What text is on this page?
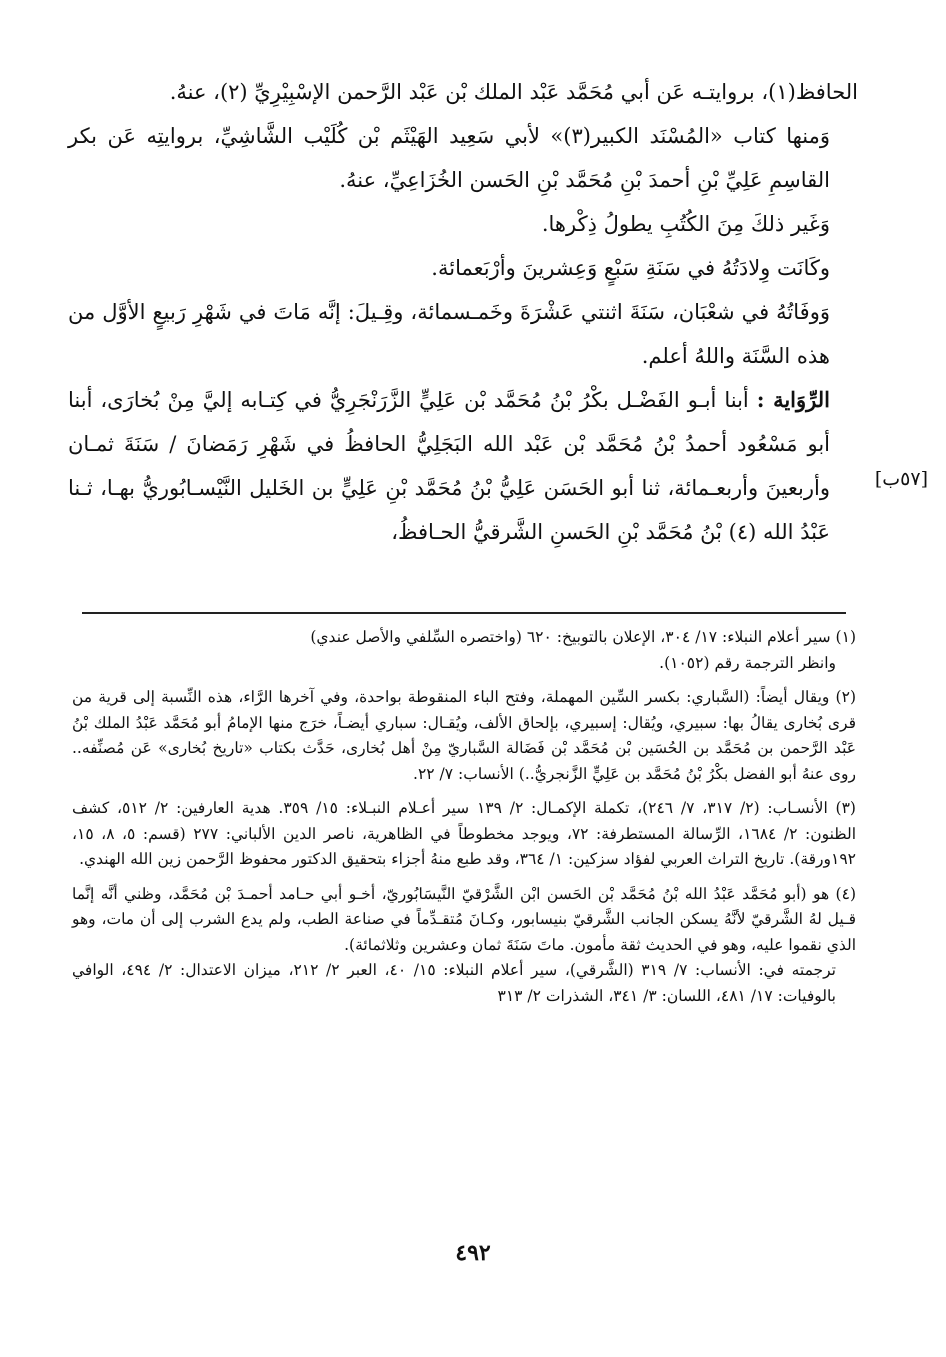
الحافظ(١)، بروايتـه عَن أبي مُحَمَّد عَبْد الملك بْن عَبْد الرَّحمن الإسْبِيْرِيِّ (٢)، عنهُ.

وَمنها كتاب «المُسْنَد الكبير(٣)» لأبي سَعِيد الهَيْثَم بْن كُلَيْب الشَّاشِيِّ، بروايتِه عَن بكر القاسِمِ عَلِيِّ بْنِ أحمدَ بْنِ مُحَمَّد بْنِ الحَسن الخُزَاعِيِّ، عنهُ.

وَغَير ذلكَ مِنَ الكُتُبِ يطولُ ذِكْرها.

وكَانَت وِلادَتُهُ في سَنَةِ سَبْعٍ وَعِشرينَ وأرْبَعمائة.

وَوفَاتُهُ في شعْبَان، سَنَةَ اثنتي عَشْرَةَ وخَمـسمائة، وقِـيلَ: إنَّه مَاتَ في شَهْرِ رَبيعٍ الأوَّل من هذه السَّنَة واللهُ أعلم.

الرِّوَاية : أبنا أبـو الفَضْـل بكْرُ بْنُ مُحَمَّد بْن عَلِيٍّ الزَّرَنْجَرِيُّ في كِتـابه إليَّ مِنْ بُخارَى، أبنا أبو مَسْعُود أحمدُ بْنُ مُحَمَّد بْن عَبْد الله البَجَلِيُّ الحافظُ في شَهْرِ رَمَضانَ / سَنَةَ ثمـان وأربعينَ وأربعـمائة، ثنا أبو الحَسَن عَلِيُّ بْنُ مُحَمَّد بْنِ عَلِيٍّ بن الخَليل النَّيْسـابُوريُّ بهـا، ثـنا عَبْدُ الله (٤) بْنُ مُحَمَّد بْنِ الحَسنِ الشَّرقيُّ الحـافظُ،

[٥٧ب]

(١) سير أعلام النبلاء: ١٧/ ٣٠٤، الإعلان بالتوبيخ: ٦٢٠ (واختصره السِّلفي والأصل عندي)

وانظر الترجمة رقم (١٠٥٢).

(٢) ويقال أيضاً: (السَّباري: بكسر السِّين المهملة، وفتح الباء المنقوطة بواحدة، وفي آخرها الرَّاء، هذه النِّسبة إلى قرية من قرى بُخارى يقالُ بها: سبيري، ويُقال: إسبيري، بإلحاق الألف، ويُقـال: سباري أيضـاً، خرَج منها الإمامُ أبو مُحَمَّد عَبْدُ الملك بْنُ عَبْد الرَّحمن بن مُحَمَّد بن الحُسَين بْن مُحَمَّد بْن فَضَالة السَّباريّ مِنْ أهل بُخارى، حَدَّث بكتاب «تاريخ بُخارى» عَن مُصنِّفه.. روى عنهُ أبو الفضل بكْرُ بْنُ مُحَمَّد بن عَلِيٍّ الزَّنجريُّ..) الأنساب: ٧/ ٢٢.

(٣) الأنسـاب: (٢/ ٣١٧، ٧/ ٢٤٦)، تكملة الإكمـال: ٢/ ١٣٩ سير أعـلام النبـلاء: ١٥/ ٣٥٩. هدية العارفين: ٢/ ٥١٢، كشف الظنون: ٢/ ١٦٨٤، الرِّسالة المستطرفة: ٧٢، ويوجد مخطوطاً في الظاهرية، ناصر الدين الألباني: ٢٧٧ (قسم: ٥، ٨، ١٥، ١٩٢ورقة). تاريخ التراث العربي لفؤاد سزكين: ١/ ٣٦٤، وقد طبع منهُ أجزاء بتحقيق الدكتور محفوظ الرَّحمن زين الله الهندي.

(٤) هو (أبو مُحَمَّد عَبْدُ الله بْنُ مُحَمَّد بْن الحَسن ابْن الشَّرْقيّ النَّيسَابُوريّ، أخـو أبي حـامد أحمـدَ بْن مُحَمَّد، وظني أنَّه إنَّما قـيل لهُ الشَّرقيّ لأنَّهُ يسكن الجانب الشَّرقيّ بنيسابور، وكـانَ مُتقـدِّماً في صناعة الطب، ولم يدع الشرب إلى أن مات، وهو الذي نقموا عليه، وهو في الحديث ثقة مأمون. ماتَ سَنَةَ ثمان وعشرين وثلاثمائة).

ترجمته في: الأنساب: ٧/ ٣١٩ (الشَّرقي)، سير أعلام النبلاء: ١٥/ ٤٠، العبر ٢/ ٢١٢، ميزان الاعتدال: ٢/ ٤٩٤، الوافي بالوفيات: ١٧/ ٤٨١، اللسان: ٣/ ٣٤١، الشذرات ٢/ ٣١٣

٤٩٢
